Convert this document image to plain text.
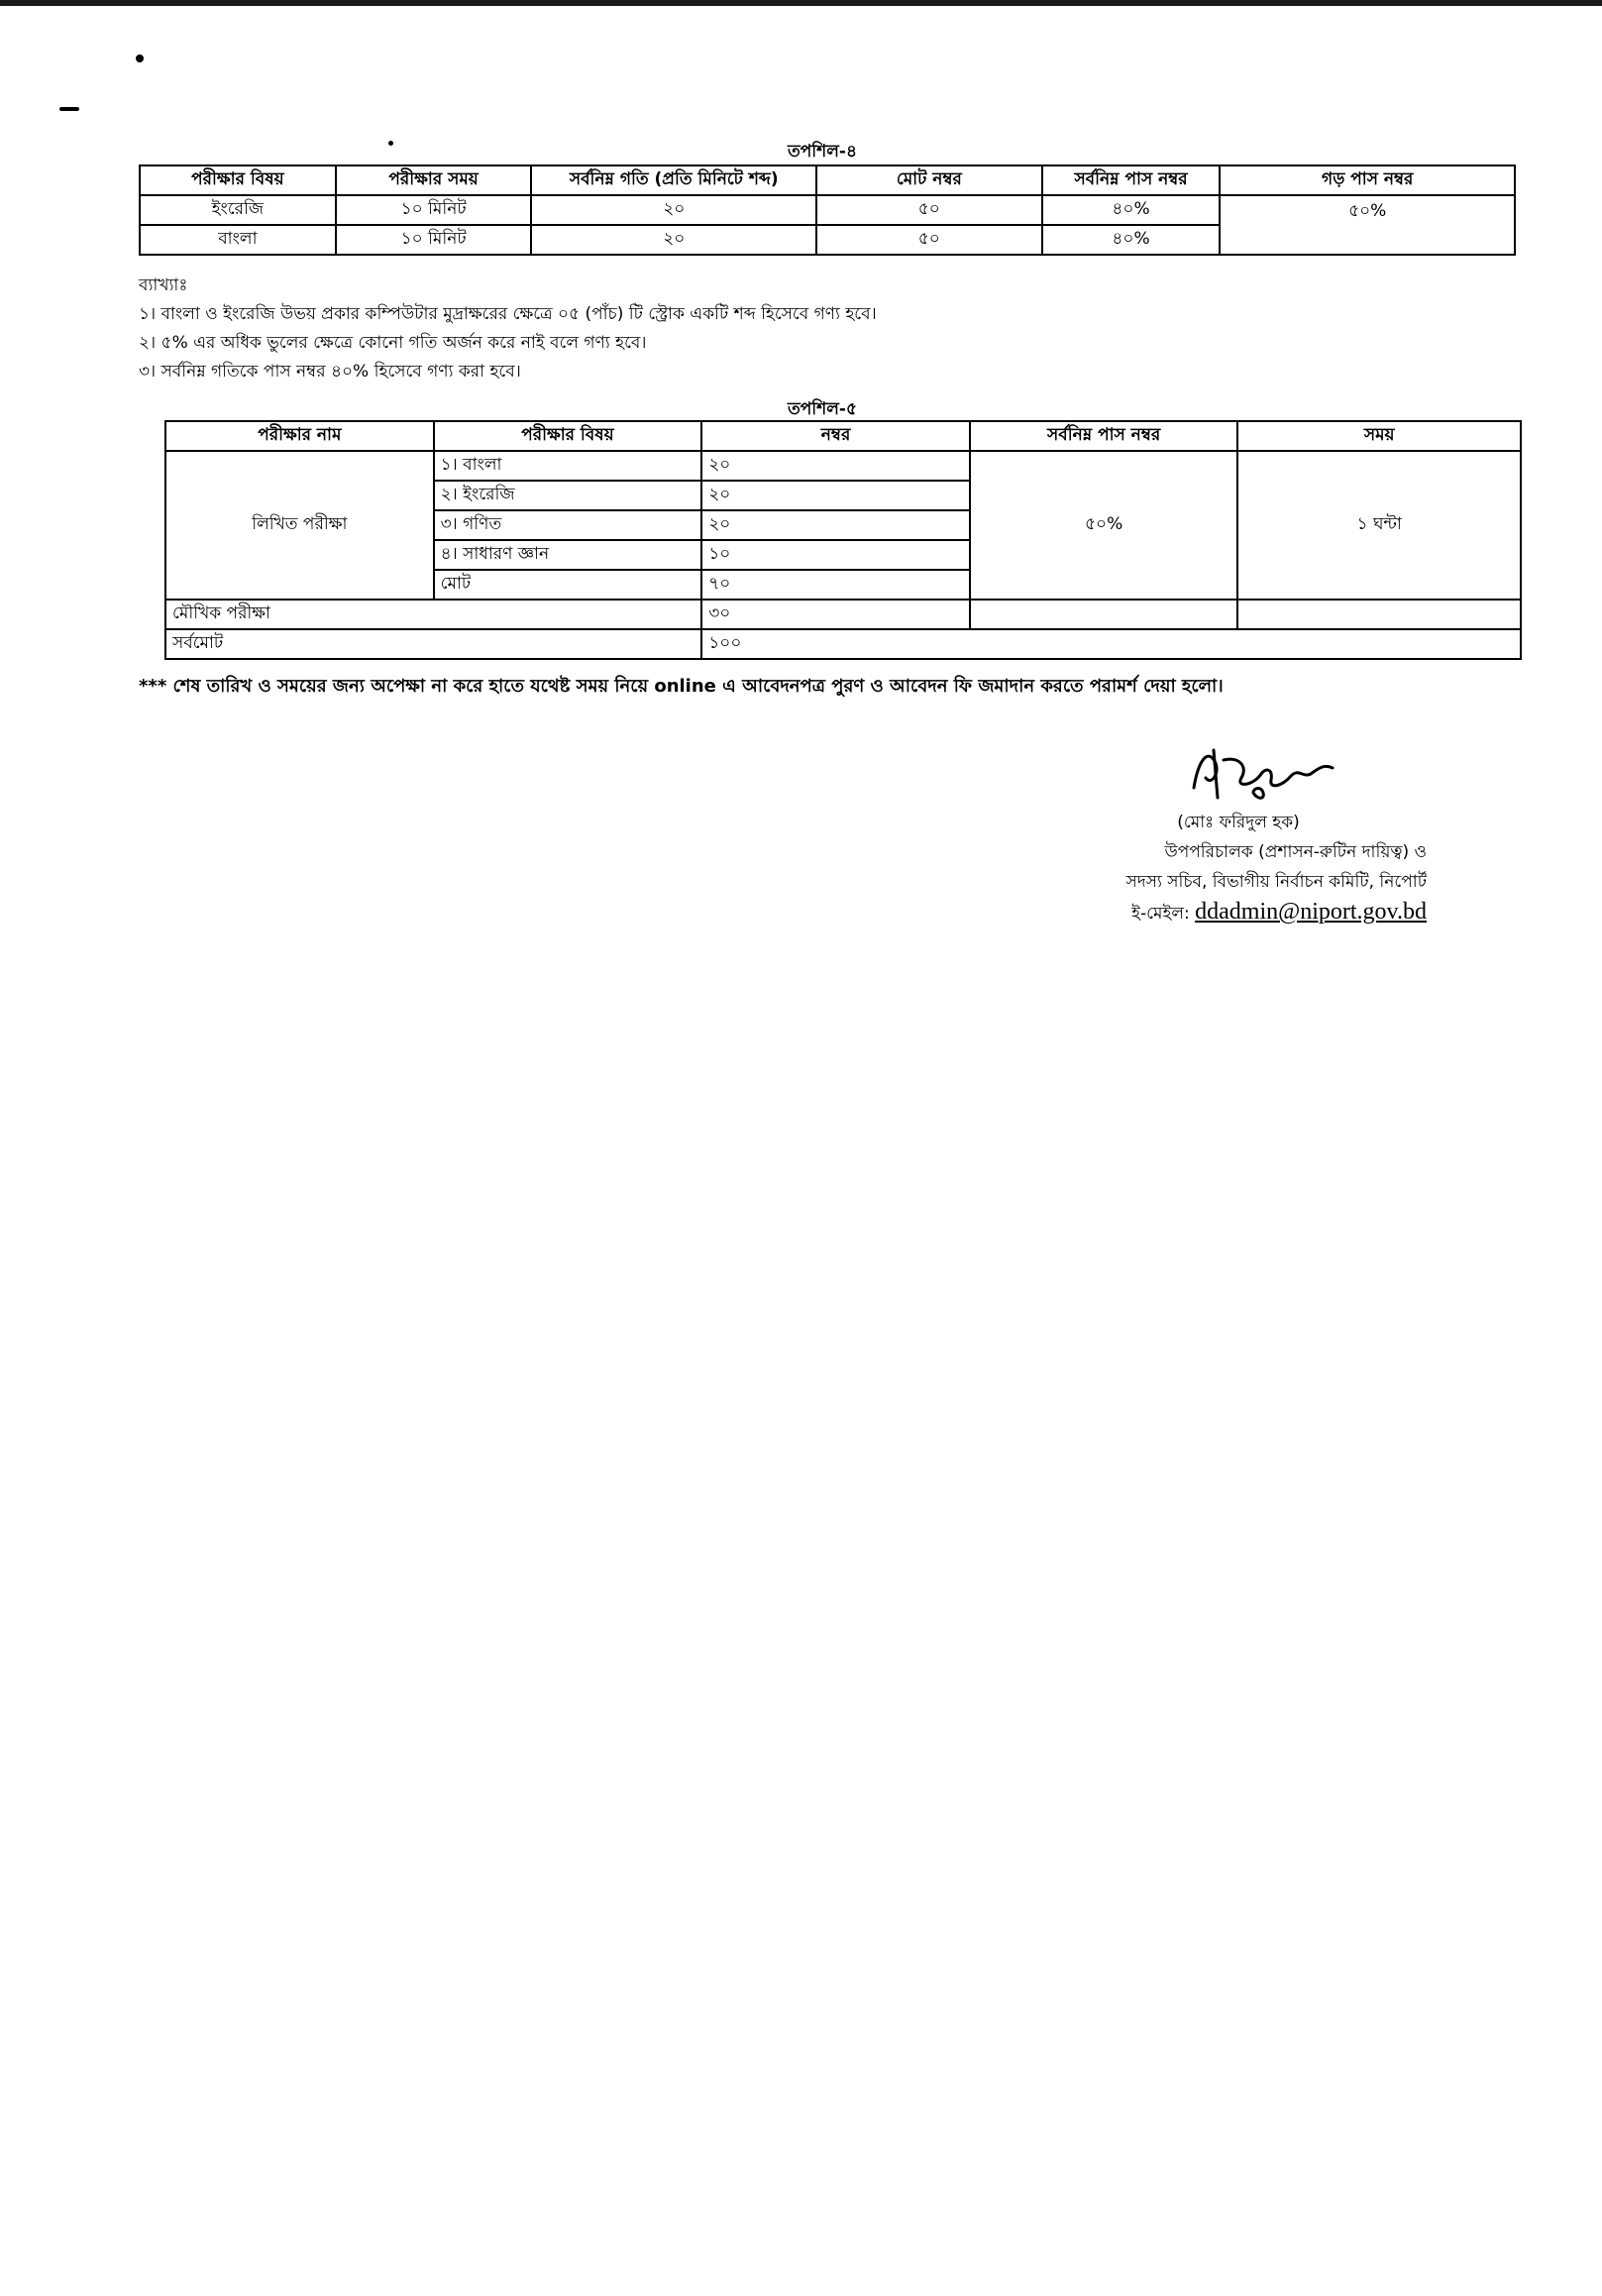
তপশিল-৪
পরীক্ষার বিষয়	পরীক্ষার সময়	সর্বনিম্ন গতি (প্রতি মিনিটে শব্দ)	মোট নম্বর	সর্বনিম্ন পাস নম্বর	গড় পাস নম্বর
ইংরেজি	১০ মিনিট	২০	৫০	৪০%	৫০%
বাংলা	১০ মিনিট	২০	৫০	৪০%	
ব্যাখ্যাঃ
১। বাংলা ও ইংরেজি উভয় প্রকার কম্পিউটার মুদ্রাক্ষরের ক্ষেত্রে ০৫ (পাঁচ) টি স্ট্রোক একটি শব্দ হিসেবে গণ্য হবে।
২। ৫% এর অধিক ভুলের ক্ষেত্রে কোনো গতি অর্জন করে নাই বলে গণ্য হবে।
৩। সর্বনিম্ন গতিকে পাস নম্বর ৪০% হিসেবে গণ্য করা হবে।
তপশিল-৫
পরীক্ষার নাম	পরীক্ষার বিষয়	নম্বর	সর্বনিম্ন পাস নম্বর	সময়
লিখিত পরীক্ষা	১। বাংলা	২০	৫০%	১ ঘন্টা
	২। ইংরেজি	২০		
	৩। গণিত	২০		
	৪। সাধারণ জ্ঞান	১০		
	মোট	৭০		
মৌখিক পরীক্ষা		৩০		
সর্বমোট		১০০		
*** শেষ তারিখ ও সময়ের জন্য অপেক্ষা না করে হাতে যথেষ্ট সময় নিয়ে online এ আবেদনপত্র পুরণ ও আবেদন ফি জমাদান করতে পরামর্শ দেয়া হলো।
(মোঃ ফরিদুল হক)
উপপরিচালক (প্রশাসন-রুটিন দায়িত্ব) ও
সদস্য সচিব, বিভাগীয় নির্বাচন কমিটি, নিপোর্ট
ই-মেইল: ddadmin@niport.gov.bd
